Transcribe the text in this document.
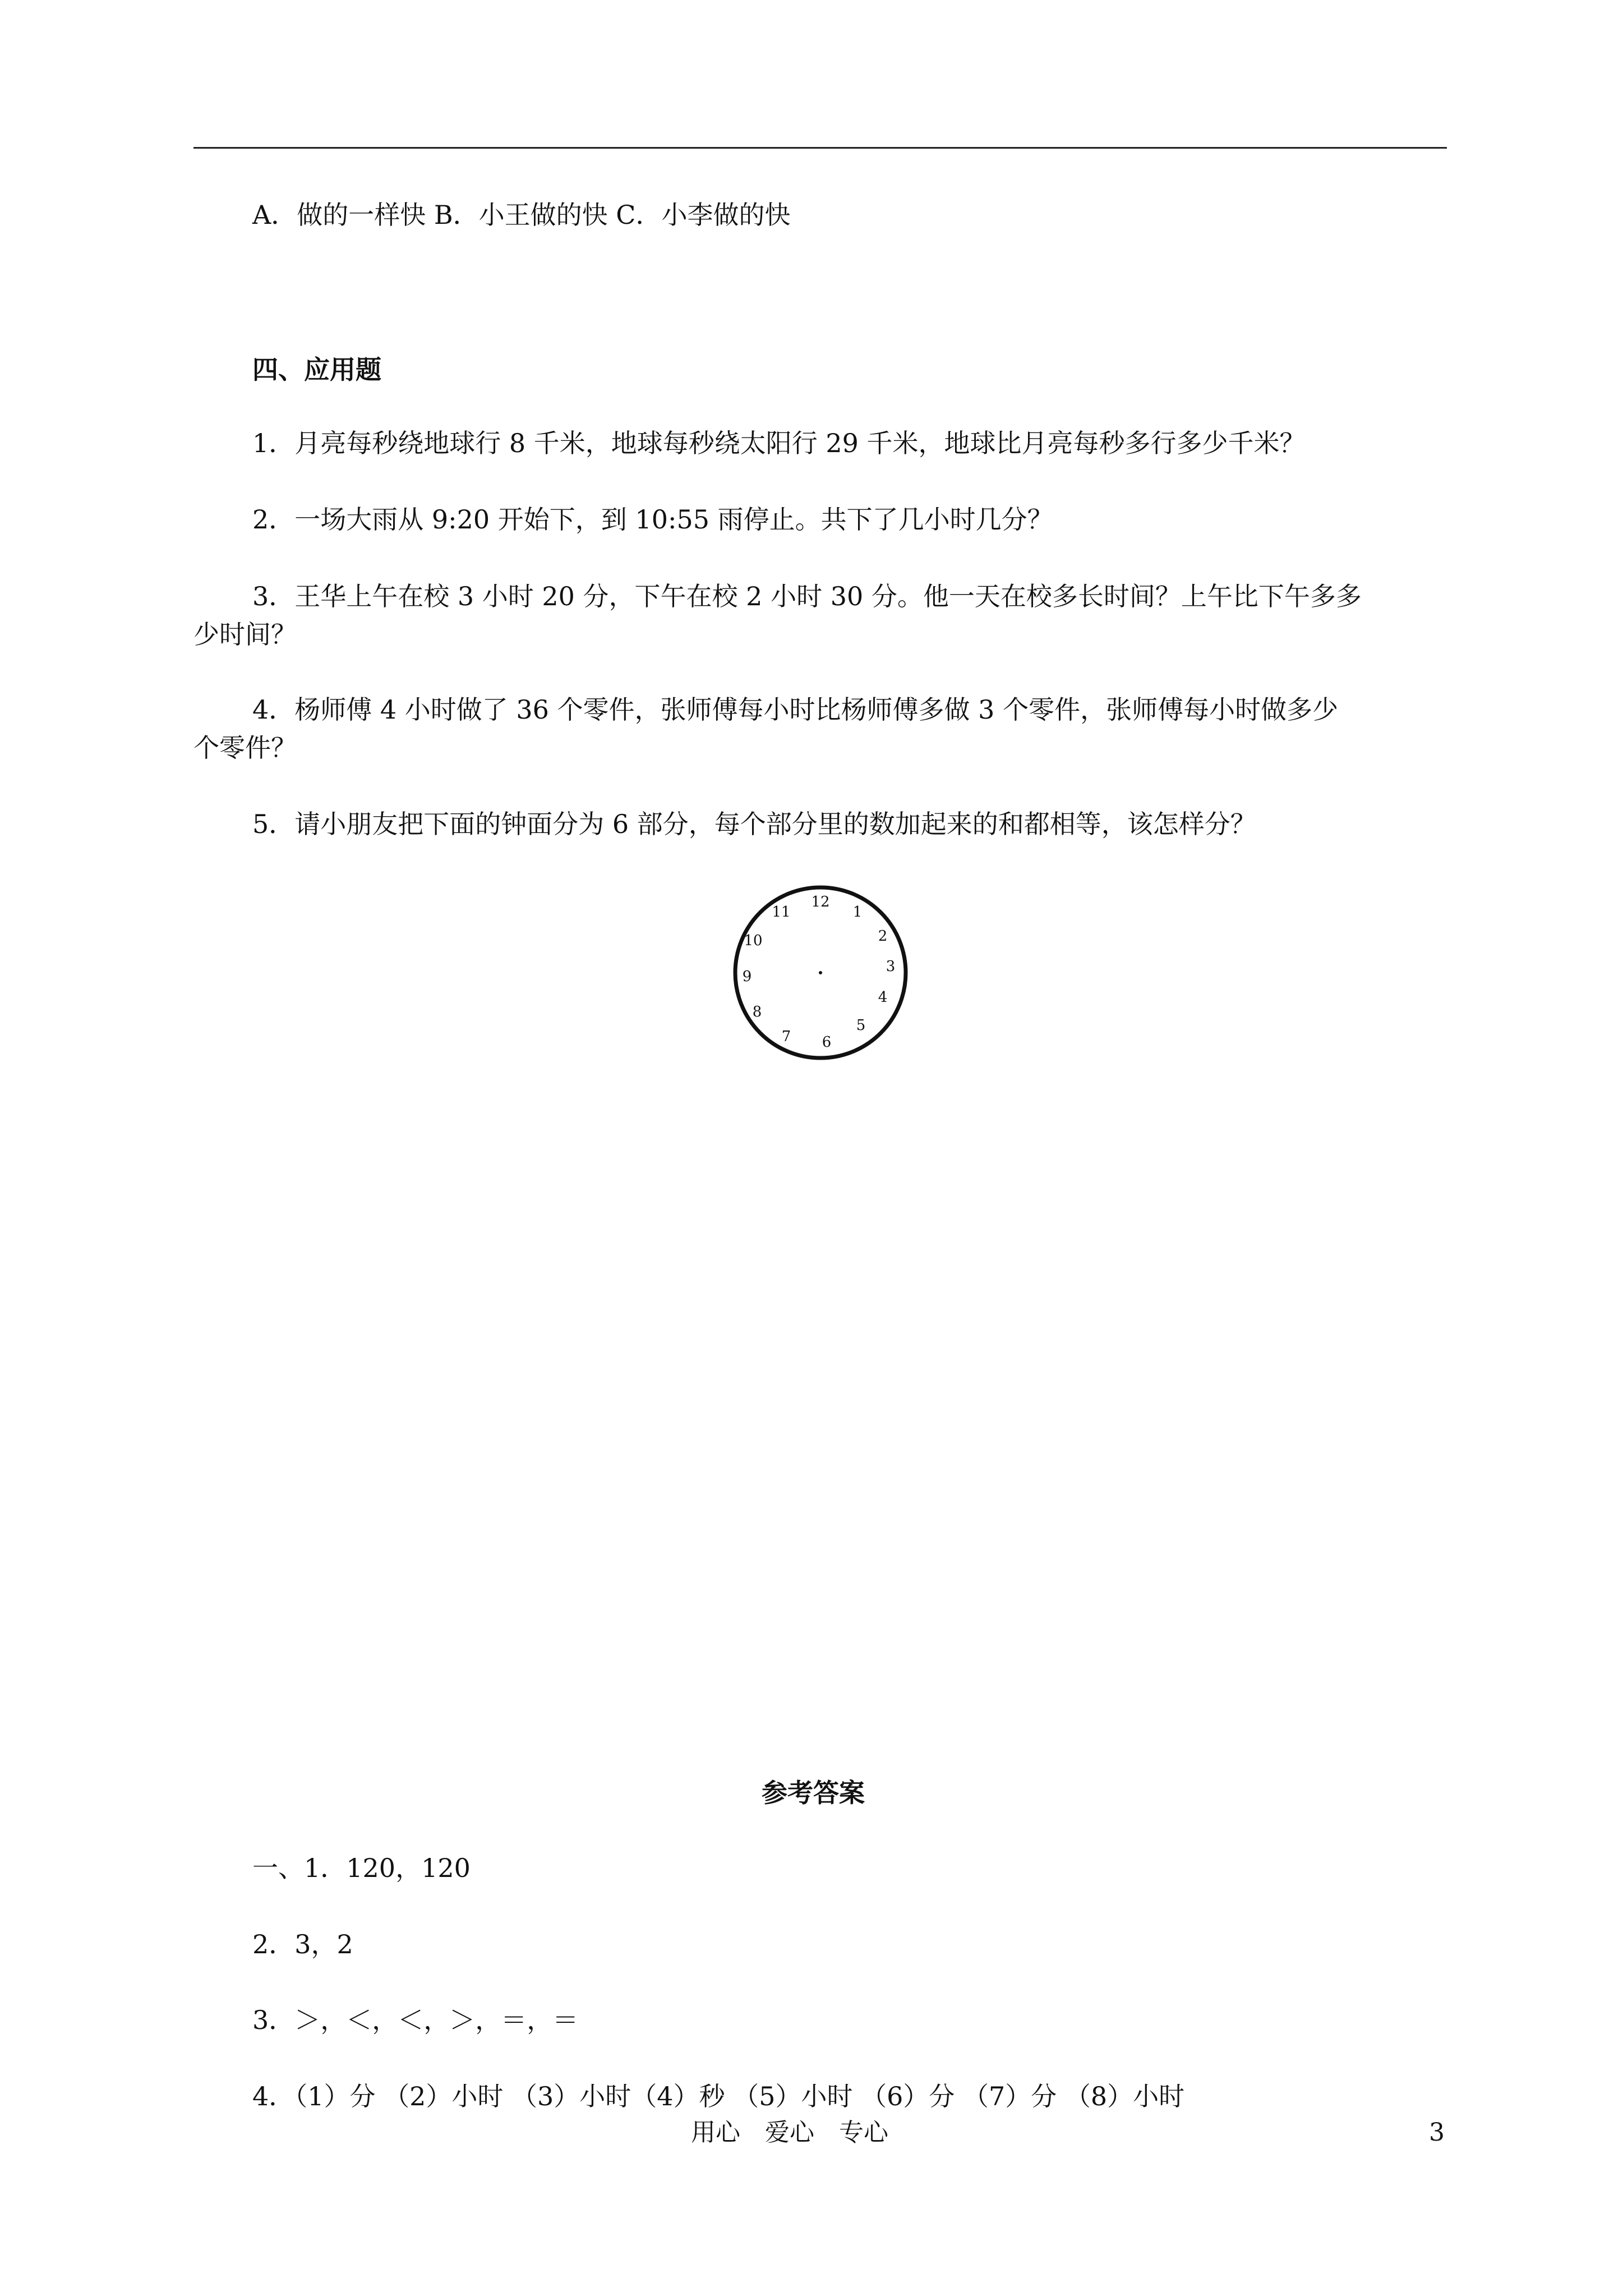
A．做的一样快 B．小王做的快 C．小李做的快
四、应用题
1．月亮每秒绕地球行 8 千米，地球每秒绕太阳行 29 千米，地球比月亮每秒多行多少千米？
2．一场大雨从 9:20 开始下，到 10:55 雨停止。共下了几小时几分？
3．王华上午在校 3 小时 20 分，下午在校 2 小时 30 分。他一天在校多长时间？上午比下午多多
少时间？
4．杨师傅 4 小时做了 36 个零件，张师傅每小时比杨师傅多做 3 个零件，张师傅每小时做多少
个零件？
5．请小朋友把下面的钟面分为 6 部分，每个部分里的数加起来的和都相等，该怎样分？
12
1
2
3
4
5
6
7
8
9
10
11
参考答案
一、1．120，120
2．3，2
3．＞，＜，＜，＞，＝，＝
4．（1）分 （2）小时 （3）小时（4）秒 （5）小时 （6）分 （7）分 （8）小时
用心　爱心　专心	3
